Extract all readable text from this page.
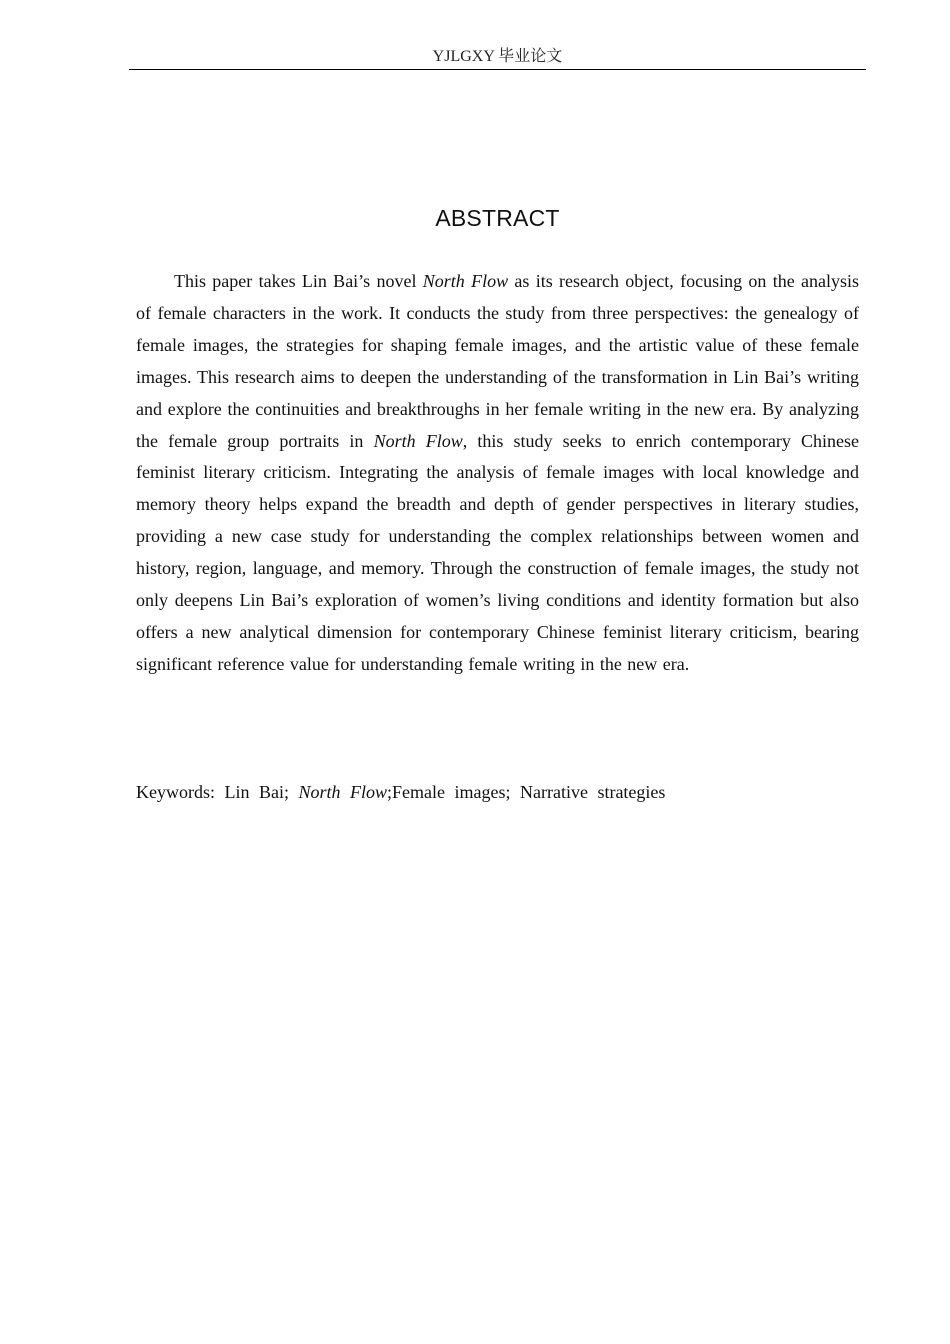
YJLGXY 毕业论文
ABSTRACT

This paper takes Lin Bai’s novel North Flow as its research object, focusing on the analysis of female characters in the work. It conducts the study from three perspectives: the genealogy of female images, the strategies for shaping female images, and the artistic value of these female images. This research aims to deepen the understanding of the transformation in Lin Bai’s writing and explore the continuities and breakthroughs in her female writing in the new era. By analyzing the female group portraits in North Flow, this study seeks to enrich contemporary Chinese feminist literary criticism. Integrating the analysis of female images with local knowledge and memory theory helps expand the breadth and depth of gender perspectives in literary studies, providing a new case study for understanding the complex relationships between women and history, region, language, and memory. Through the construction of female images, the study not only deepens Lin Bai’s exploration of women’s living conditions and identity formation but also offers a new analytical dimension for contemporary Chinese feminist literary criticism, bearing significant reference value for understanding female writing in the new era.

Keywords: Lin Bai; North Flow;Female images; Narrative strategies
